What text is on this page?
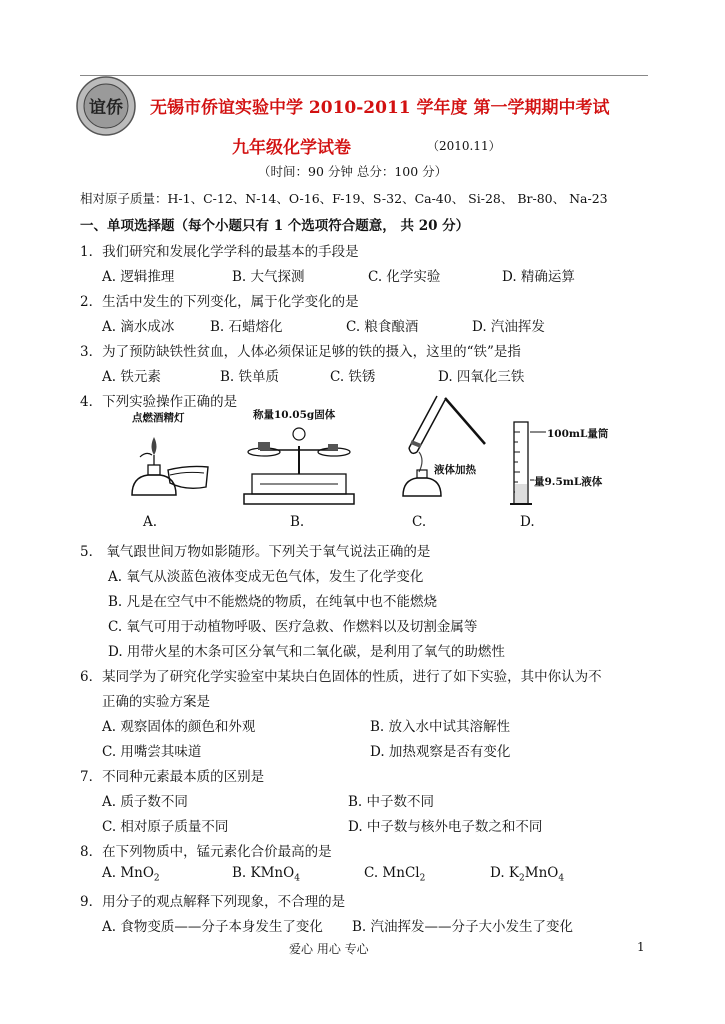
谊侨 无锡市侨谊实验中学 2010-2011 学年度 第一学期期中考试
九年级化学试卷	（2010.11）
（时间：90 分钟 总分：100 分）
相对原子质量：H-1、C-12、N-14、O-16、F-19、S-32、Ca-40、 Si-28、 Br-80、 Na-23
一、单项选择题（每个小题只有 1 个选项符合题意， 共 20 分）
1．我们研究和发展化学学科的最基本的手段是
A. 逻辑推理	B. 大气探测	C. 化学实验	D. 精确运算
2．生活中发生的下列变化，属于化学变化的是
A. 滴水成冰	B. 石蜡熔化	C. 粮食酿酒	D. 汽油挥发
3．为了预防缺铁性贫血，人体必须保证足够的铁的摄入，这里的“铁”是指
A. 铁元素	B. 铁单质	C. 铁锈	D. 四氧化三铁
4．下列实验操作正确的是
点燃酒精灯
A.
称量10.05g固体
B.
液体加热
C.
100mL量筒
量9.5mL液体
D.
5． 氧气跟世间万物如影随形。下列关于氧气说法正确的是
A. 氧气从淡蓝色液体变成无色气体，发生了化学变化
B. 凡是在空气中不能燃烧的物质，在纯氧中也不能燃烧
C. 氧气可用于动植物呼吸、医疗急救、作燃料以及切割金属等
D. 用带火星的木条可区分氧气和二氧化碳，是利用了氧气的助燃性
6．某同学为了研究化学实验室中某块白色固体的性质，进行了如下实验，其中你认为不
正确的实验方案是
A. 观察固体的颜色和外观	B. 放入水中试其溶解性
C. 用嘴尝其味道	D. 加热观察是否有变化
7．不同种元素最本质的区别是
A. 质子数不同	B. 中子数不同
C. 相对原子质量不同	D. 中子数与核外电子数之和不同
8．在下列物质中，锰元素化合价最高的是
A. MnO$_2$	B. KMnO$_4$	C. MnCl$_2$	D. $K_2MnO_4$
9．用分子的观点解释下列现象，不合理的是
A. 食物变质——分子本身发生了变化 B. 汽油挥发——分子大小发生了变化
爱心 用心 专心	1
